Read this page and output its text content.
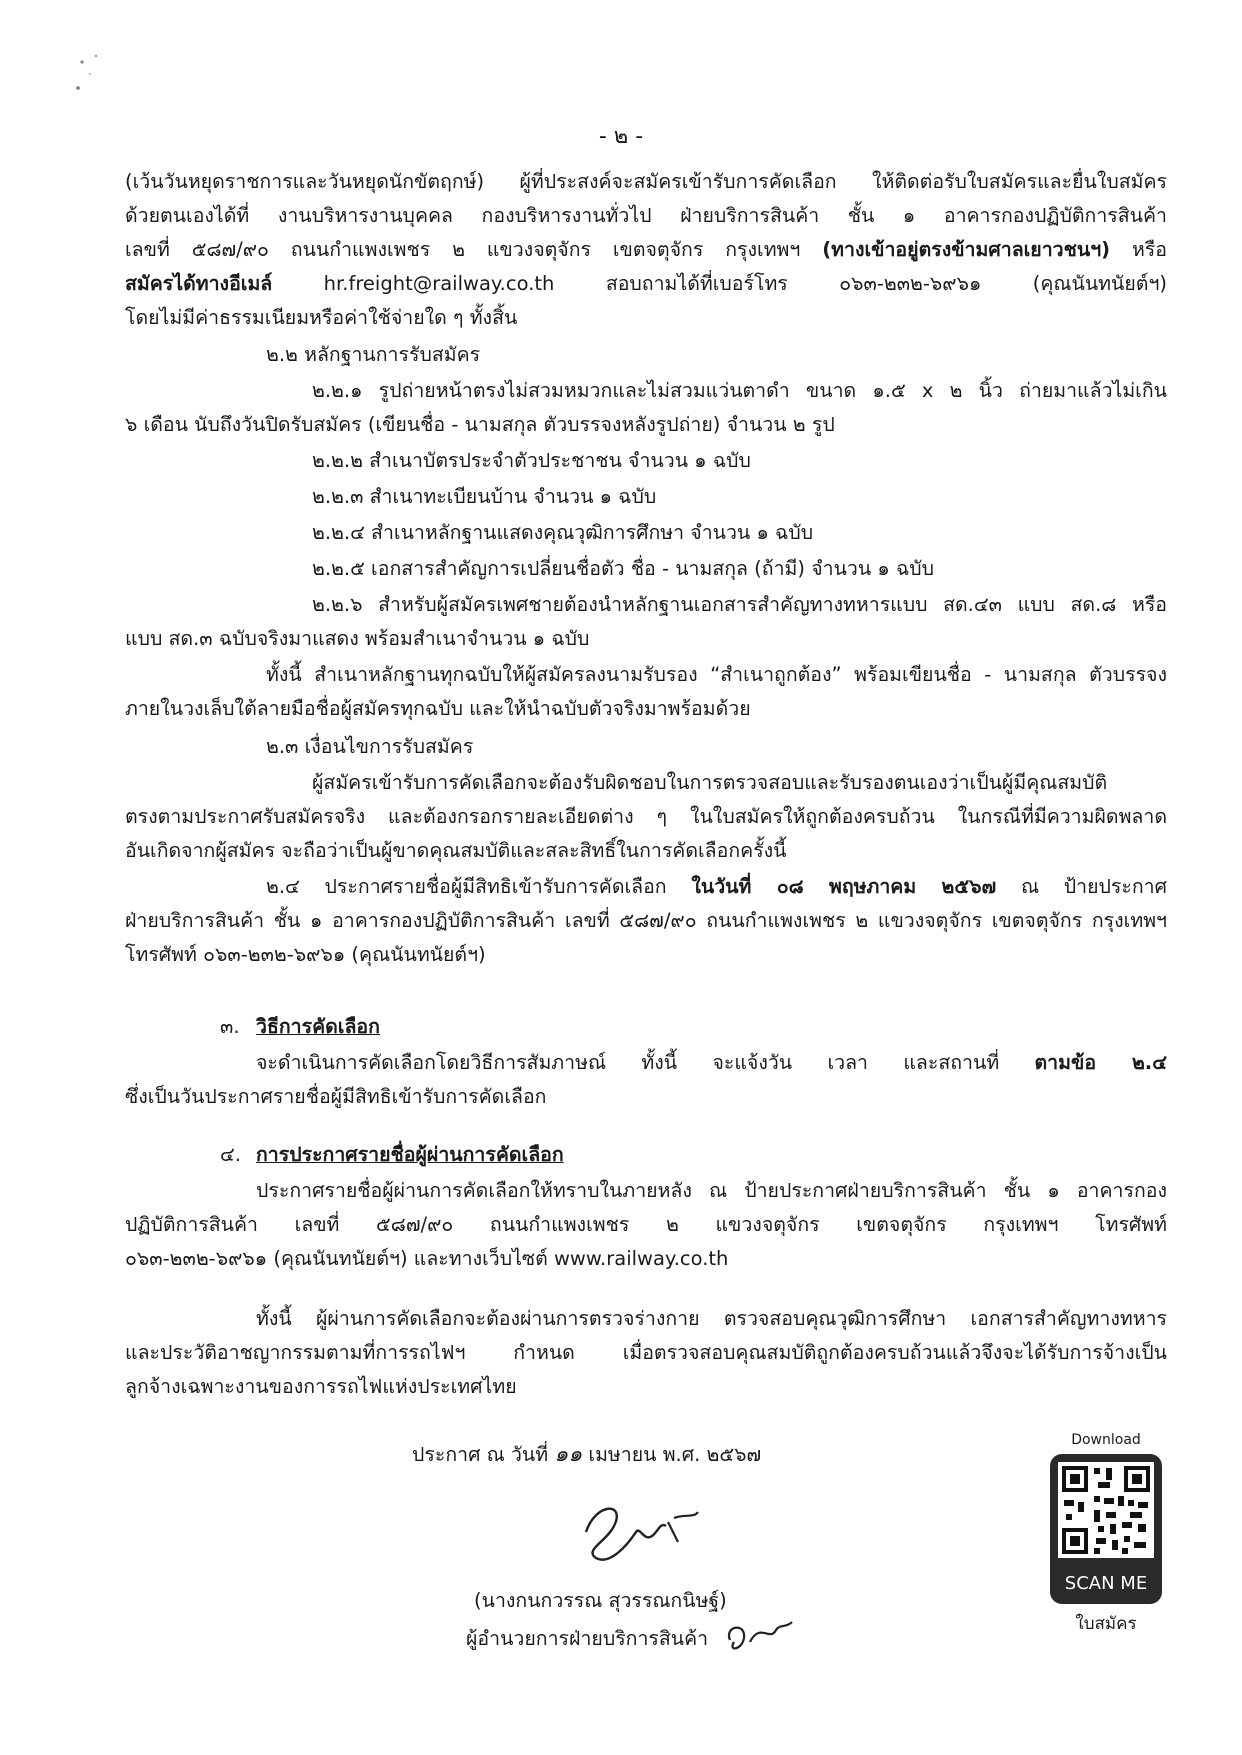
- ๒ -
(เว้นวันหยุดราชการและวันหยุดนักขัตฤกษ์) ผู้ที่ประสงค์จะสมัครเข้ารับการคัดเลือก ให้ติดต่อรับใบสมัครและยื่นใบสมัคร
ด้วยตนเองได้ที่ งานบริหารงานบุคคล กองบริหารงานทั่วไป ฝ่ายบริการสินค้า ชั้น ๑ อาคารกองปฏิบัติการสินค้า
เลขที่ ๕๘๗/๙๐ ถนนกำแพงเพชร ๒ แขวงจตุจักร เขตจตุจักร กรุงเทพฯ (ทางเข้าอยู่ตรงข้ามศาลเยาวชนฯ) หรือ
สมัครได้ทางอีเมล์ hr.freight@railway.co.th สอบถามได้ที่เบอร์โทร ๐๖๓-๒๓๒-๖๙๖๑ (คุณนันทนัยต์ฯ)
โดยไม่มีค่าธรรมเนียมหรือค่าใช้จ่ายใด ๆ ทั้งสิ้น
๒.๒ หลักฐานการรับสมัคร
๒.๒.๑ รูปถ่ายหน้าตรงไม่สวมหมวกและไม่สวมแว่นตาดำ ขนาด ๑.๕ x ๒ นิ้ว ถ่ายมาแล้วไม่เกิน
๖ เดือน นับถึงวันปิดรับสมัคร (เขียนชื่อ - นามสกุล ตัวบรรจงหลังรูปถ่าย) จำนวน ๒ รูป
๒.๒.๒ สำเนาบัตรประจำตัวประชาชน จำนวน ๑ ฉบับ
๒.๒.๓ สำเนาทะเบียนบ้าน จำนวน ๑ ฉบับ
๒.๒.๔ สำเนาหลักฐานแสดงคุณวุฒิการศึกษา จำนวน ๑ ฉบับ
๒.๒.๕ เอกสารสำคัญการเปลี่ยนชื่อตัว ชื่อ - นามสกุล (ถ้ามี) จำนวน ๑ ฉบับ
๒.๒.๖ สำหรับผู้สมัครเพศชายต้องนำหลักฐานเอกสารสำคัญทางทหารแบบ สด.๔๓ แบบ สด.๘ หรือ
แบบ สด.๓ ฉบับจริงมาแสดง พร้อมสำเนาจำนวน ๑ ฉบับ
ทั้งนี้ สำเนาหลักฐานทุกฉบับให้ผู้สมัครลงนามรับรอง “สำเนาถูกต้อง” พร้อมเขียนชื่อ - นามสกุล ตัวบรรจง
ภายในวงเล็บใต้ลายมือชื่อผู้สมัครทุกฉบับ และให้นำฉบับตัวจริงมาพร้อมด้วย
๒.๓ เงื่อนไขการรับสมัคร
ผู้สมัครเข้ารับการคัดเลือกจะต้องรับผิดชอบในการตรวจสอบและรับรองตนเองว่าเป็นผู้มีคุณสมบัติ
ตรงตามประกาศรับสมัครจริง และต้องกรอกรายละเอียดต่าง ๆ ในใบสมัครให้ถูกต้องครบถ้วน ในกรณีที่มีความผิดพลาด
อันเกิดจากผู้สมัคร จะถือว่าเป็นผู้ขาดคุณสมบัติและสละสิทธิ์ในการคัดเลือกครั้งนี้
๒.๔ ประกาศรายชื่อผู้มีสิทธิเข้ารับการคัดเลือก ในวันที่ ๐๘ พฤษภาคม ๒๕๖๗ ณ ป้ายประกาศ
ฝ่ายบริการสินค้า ชั้น ๑ อาคารกองปฏิบัติการสินค้า เลขที่ ๕๘๗/๙๐ ถนนกำแพงเพชร ๒ แขวงจตุจักร เขตจตุจักร กรุงเทพฯ
โทรศัพท์ ๐๖๓-๒๓๒-๖๙๖๑ (คุณนันทนัยต์ฯ)
๓. วิธีการคัดเลือก
จะดำเนินการคัดเลือกโดยวิธีการสัมภาษณ์ ทั้งนี้ จะแจ้งวัน เวลา และสถานที่ ตามข้อ ๒.๔
ซึ่งเป็นวันประกาศรายชื่อผู้มีสิทธิเข้ารับการคัดเลือก
๔. การประกาศรายชื่อผู้ผ่านการคัดเลือก
ประกาศรายชื่อผู้ผ่านการคัดเลือกให้ทราบในภายหลัง ณ ป้ายประกาศฝ่ายบริการสินค้า ชั้น ๑ อาคารกอง
ปฏิบัติการสินค้า เลขที่ ๕๘๗/๙๐ ถนนกำแพงเพชร ๒ แขวงจตุจักร เขตจตุจักร กรุงเทพฯ โทรศัพท์
๐๖๓-๒๓๒-๖๙๖๑ (คุณนันทนัยต์ฯ) และทางเว็บไซต์ www.railway.co.th
ทั้งนี้ ผู้ผ่านการคัดเลือกจะต้องผ่านการตรวจร่างกาย ตรวจสอบคุณวุฒิการศึกษา เอกสารสำคัญทางทหาร
และประวัติอาชญากรรมตามที่การรถไฟฯ กำหนด เมื่อตรวจสอบคุณสมบัติถูกต้องครบถ้วนแล้วจึงจะได้รับการจ้างเป็น
ลูกจ้างเฉพาะงานของการรถไฟแห่งประเทศไทย
ประกาศ ณ วันที่ ๑๑ เมษายน พ.ศ. ๒๕๖๗
(นางกนกวรรณ สุวรรณกนิษฐ์)
ผู้อำนวยการฝ่ายบริการสินค้า
Download
SCAN ME
ใบสมัคร
